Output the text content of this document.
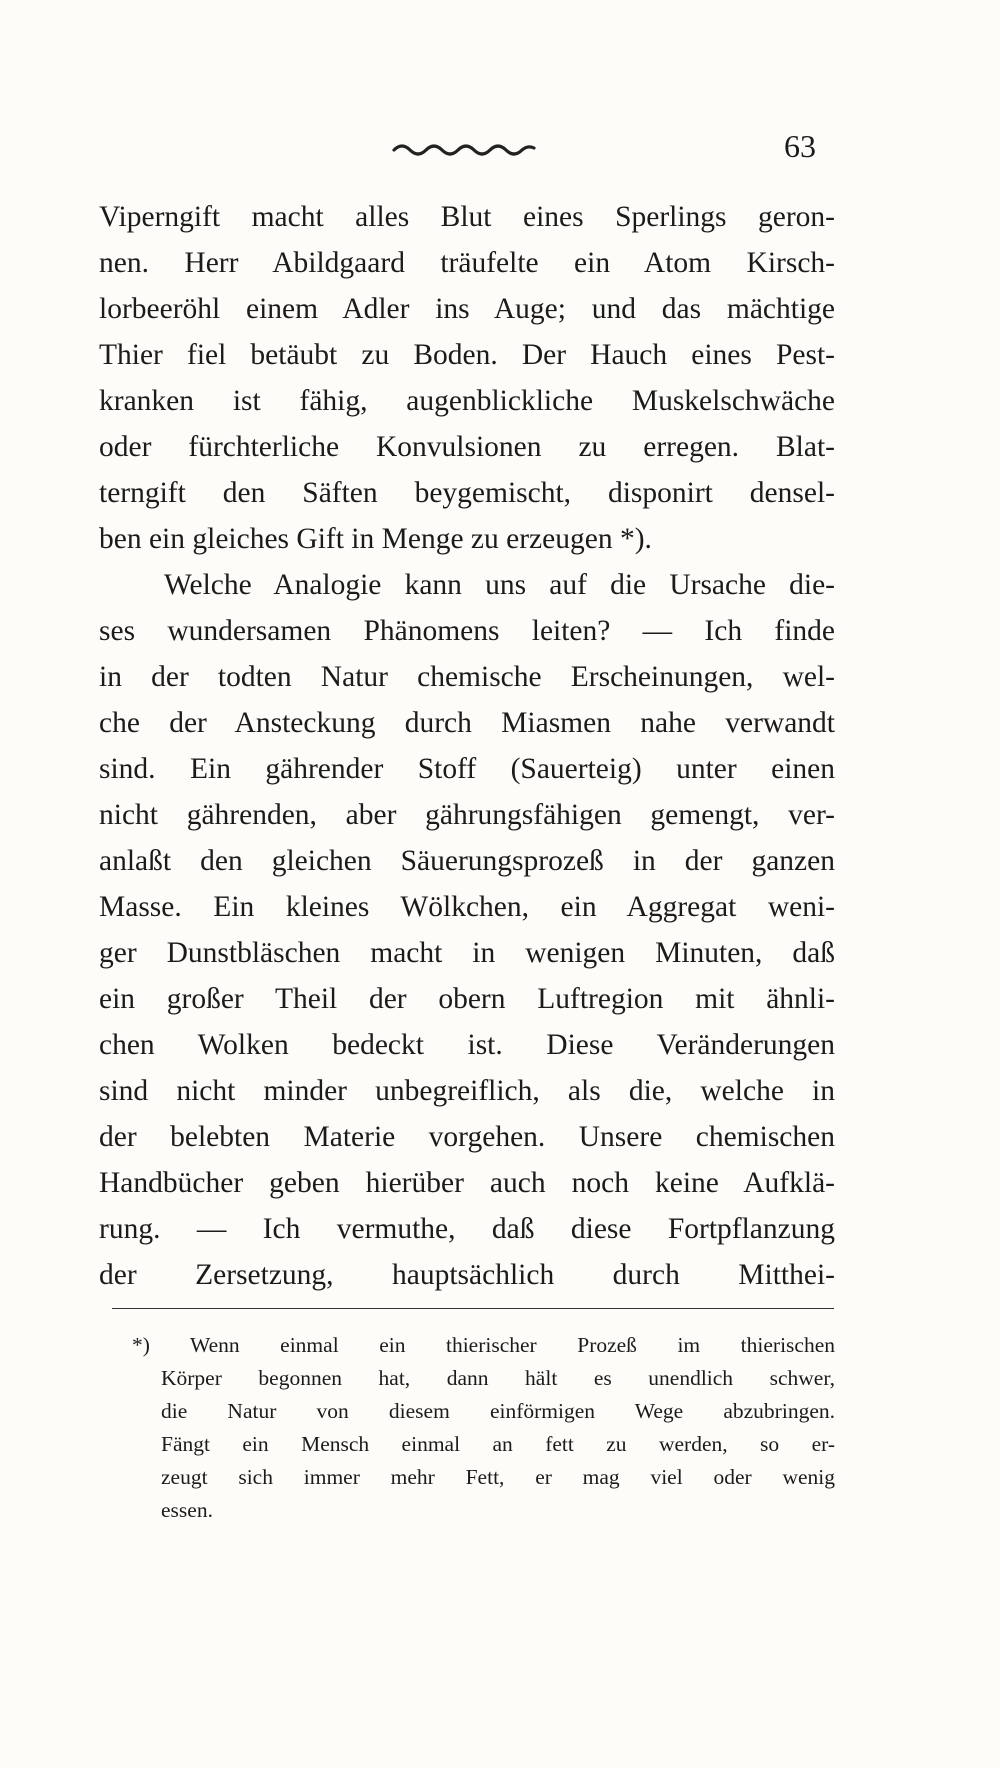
63
Viperngift macht alles Blut eines Sperlings geron-
nen. Herr Abildgaard träufelte ein Atom Kirsch-
lorbeeröhl einem Adler ins Auge; und das mächtige
Thier fiel betäubt zu Boden. Der Hauch eines Pest-
kranken ist fähig, augenblickliche Muskelschwäche
oder fürchterliche Konvulsionen zu erregen. Blat-
terngift den Säften beygemischt, disponirt densel-
ben ein gleiches Gift in Menge zu erzeugen *).
Welche Analogie kann uns auf die Ursache die-
ses wundersamen Phänomens leiten? — Ich finde
in der todten Natur chemische Erscheinungen, wel-
che der Ansteckung durch Miasmen nahe verwandt
sind. Ein gährender Stoff (Sauerteig) unter einen
nicht gährenden, aber gährungsfähigen gemengt, ver-
anlaßt den gleichen Säuerungsprozeß in der ganzen
Masse. Ein kleines Wölkchen, ein Aggregat weni-
ger Dunstbläschen macht in wenigen Minuten, daß
ein großer Theil der obern Luftregion mit ähnli-
chen Wolken bedeckt ist. Diese Veränderungen
sind nicht minder unbegreiflich, als die, welche in
der belebten Materie vorgehen. Unsere chemischen
Handbücher geben hierüber auch noch keine Aufklä-
rung. — Ich vermuthe, daß diese Fortpflanzung
der Zersetzung, hauptsächlich durch Mitthei-
*) Wenn einmal ein thierischer Prozeß im thierischen
Körper begonnen hat, dann hält es unendlich schwer,
die Natur von diesem einförmigen Wege abzubringen.
Fängt ein Mensch einmal an fett zu werden, so er-
zeugt sich immer mehr Fett, er mag viel oder wenig
essen.
